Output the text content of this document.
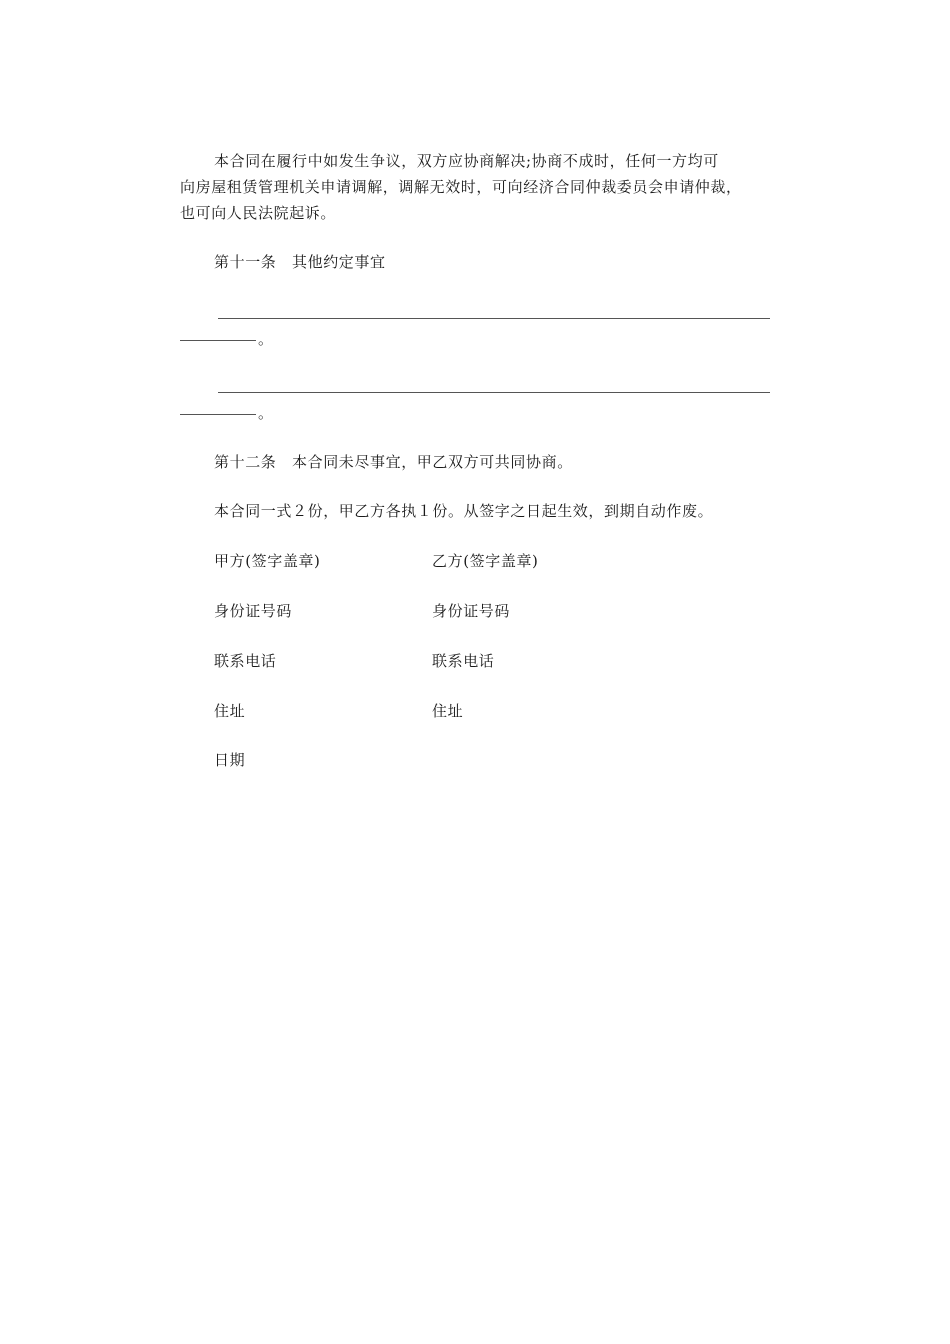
本合同在履行中如发生争议，双方应协商解决;协商不成时，任何一方均可
向房屋租赁管理机关申请调解，调解无效时，可向经济合同仲裁委员会申请仲裁，
也可向人民法院起诉。
第十一条　其他约定事宜
。
。
第十二条　本合同未尽事宜，甲乙双方可共同协商。
本合同一式２份，甲乙方各执１份。从签字之日起生效，到期自动作废。
甲方(签字盖章)	乙方(签字盖章)
身份证号码	身份证号码
联系电话	联系电话
住址	住址
日期
